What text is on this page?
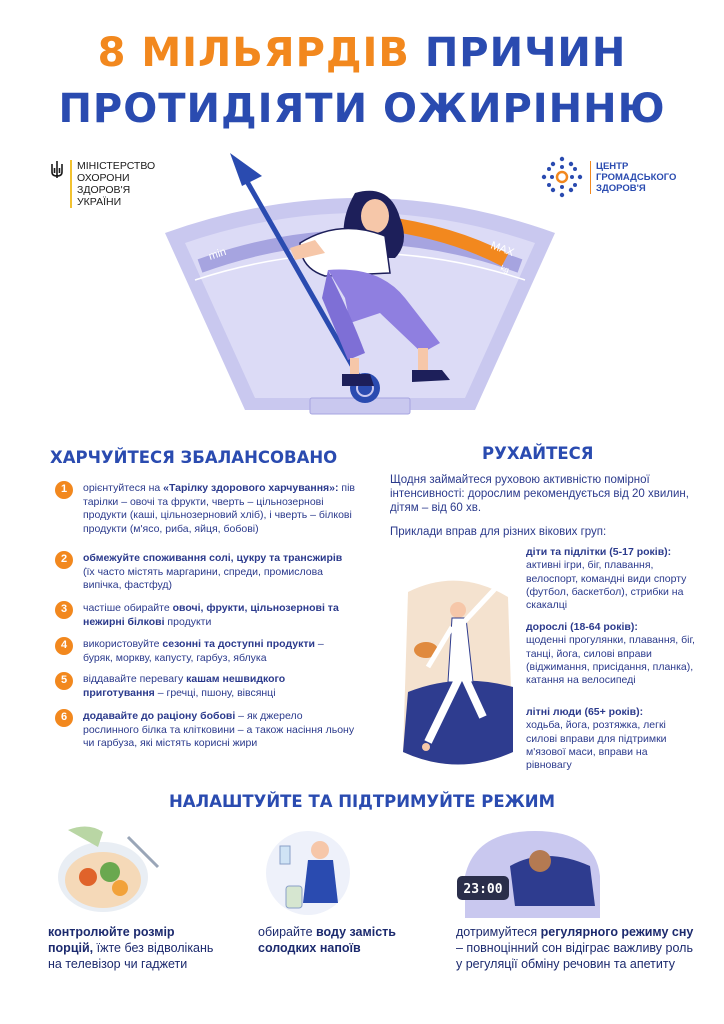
8 МІЛЬЯРДІВ ПРИЧИН
ПРОТИДІЯТИ ОЖИРІННЮ
МІНІСТЕРСТВО
ОХОРОНИ
ЗДОРОВ'Я
УКРАЇНИ
ЦЕНТР
ГРОМАДСЬКОГО
ЗДОРОВ'Я
min	MAX
kg
ХАРЧУЙТЕСЯ ЗБАЛАНСОВАНО
1	орієнтуйтеся на «Тарілку здорового харчування»: пів тарілки – овочі та фрукти, чверть – цільнозернові продукти (каші, цільнозерновий хліб), і чверть – білкові продукти (м'ясо, риба, яйця, бобові)
2	обмежуйте споживання солі, цукру та трансжирів (їх часто містять маргарини, спреди, промислова випічка, фастфуд)
3	частіше обирайте овочі, фрукти, цільнозернові та нежирні білкові продукти
4	використовуйте сезонні та доступні продукти – буряк, моркву, капусту, гарбуз, яблука
5	віддавайте перевагу кашам нешвидкого приготування – гречці, пшону, вівсянці
6	додавайте до раціону бобові – як джерело рослинного білка та клітковини – а також насіння льону чи гарбуза, які містять корисні жири
РУХАЙТЕСЯ
Щодня займайтеся руховою активністю помірної інтенсивності: дорослим рекомендується від 20 хвилин, дітям – від 60 хв.
Приклади вправ для різних вікових груп:
діти та підлітки (5-17 років):
активні ігри, біг, плавання, велоспорт, командні види спорту (футбол, баскетбол), стрибки на скакалці
дорослі (18-64 років):
щоденні прогулянки, плавання, біг, танці, йога, силові вправи (віджимання, присідання, планка), катання на велосипеді
літні люди (65+ років):
ходьба, йога, розтяжка, легкі силові вправи для підтримки м'язової маси, вправи на рівновагу
НАЛАШТУЙТЕ ТА ПІДТРИМУЙТЕ РЕЖИМ
23:00
контролюйте розмір порцій, їжте без відволікань на телевізор чи гаджети
обирайте воду замість солодких напоїв
дотримуйтеся регулярного режиму сну – повноцінний сон відіграє важливу роль у регуляції обміну речовин та апетиту
